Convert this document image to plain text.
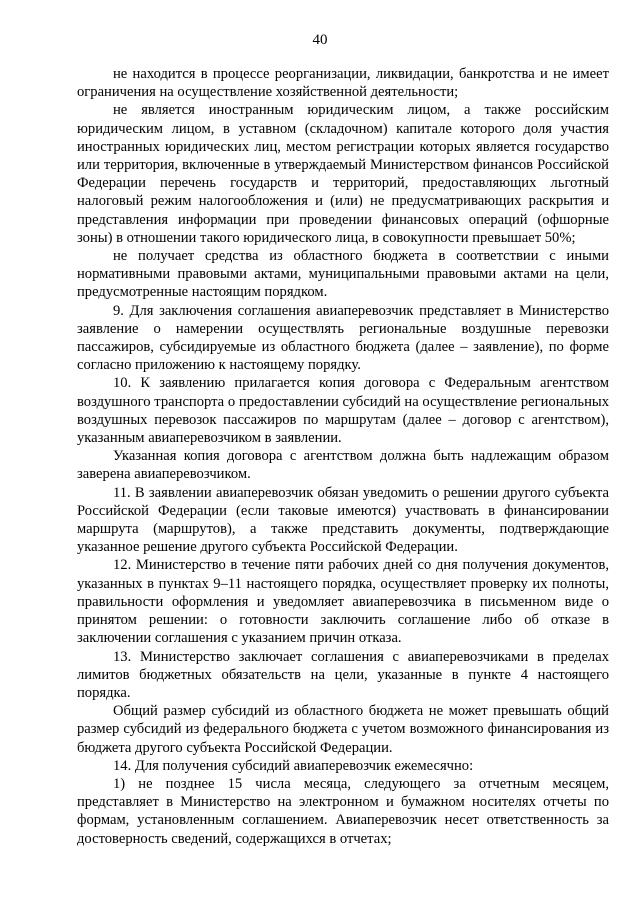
40

не находится в процессе реорганизации, ликвидации, банкротства и не имеет ограничения на осуществление хозяйственной деятельности;

не является иностранным юридическим лицом, а также российским юридическим лицом, в уставном (складочном) капитале которого доля участия иностранных юридических лиц, местом регистрации которых является государство или территория, включенные в утверждаемый Министерством финансов Российской Федерации перечень государств и территорий, предоставляющих льготный налоговый режим налогообложения и (или) не предусматривающих раскрытия и представления информации при проведении финансовых операций (офшорные зоны) в отношении такого юридического лица, в совокупности превышает 50%;

не получает средства из областного бюджета в соответствии с иными нормативными правовыми актами, муниципальными правовыми актами на цели, предусмотренные настоящим порядком.

9. Для заключения соглашения авиаперевозчик представляет в Министерство заявление о намерении осуществлять региональные воздушные перевозки пассажиров, субсидируемые из областного бюджета (далее – заявление), по форме согласно приложению к настоящему порядку.

10. К заявлению прилагается копия договора с Федеральным агентством воздушного транспорта о предоставлении субсидий на осуществление региональных воздушных перевозок пассажиров по маршрутам (далее – договор с агентством), указанным авиаперевозчиком в заявлении.

Указанная копия договора с агентством должна быть надлежащим образом заверена авиаперевозчиком.

11. В заявлении авиаперевозчик обязан уведомить о решении другого субъекта Российской Федерации (если таковые имеются) участвовать в финансировании маршрута (маршрутов), а также представить документы, подтверждающие указанное решение другого субъекта Российской Федерации.

12. Министерство в течение пяти рабочих дней со дня получения документов, указанных в пунктах 9–11 настоящего порядка, осуществляет проверку их полноты, правильности оформления и уведомляет авиаперевозчика в письменном виде о принятом решении: о готовности заключить соглашение либо об отказе в заключении соглашения с указанием причин отказа.

13. Министерство заключает соглашения с авиаперевозчиками в пределах лимитов бюджетных обязательств на цели, указанные в пункте 4 настоящего порядка.

Общий размер субсидий из областного бюджета не может превышать общий размер субсидий из федерального бюджета с учетом возможного финансирования из бюджета другого субъекта Российской Федерации.

14. Для получения субсидий авиаперевозчик ежемесячно:

1) не позднее 15 числа месяца, следующего за отчетным месяцем, представляет в Министерство на электронном и бумажном носителях отчеты по формам, установленным соглашением. Авиаперевозчик несет ответственность за достоверность сведений, содержащихся в отчетах;
